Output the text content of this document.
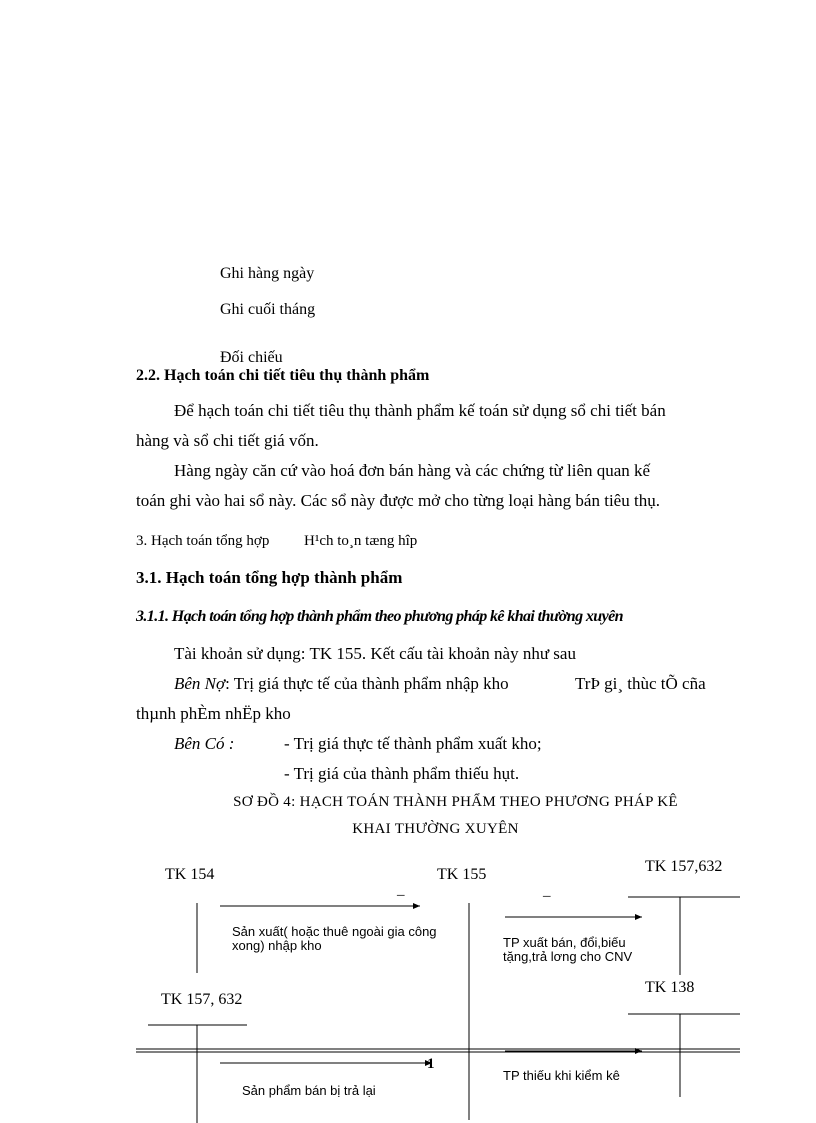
Ghi hàng ngày
Ghi cuối tháng
Đối chiếu
2.2. Hạch toán chi tiết tiêu thụ thành phẩm
Để hạch toán chi tiết tiêu thụ thành phẩm kế toán sử dụng sổ chi tiết bán
hàng và sổ chi tiết giá vốn.
Hàng ngày căn cứ vào hoá đơn bán hàng và các chứng từ liên quan kế
toán ghi vào hai sổ này. Các sổ này được mở cho từng loại hàng bán tiêu thụ.
3. Hạch toán tổng hợp H¹ch to¸n tæng hîp
3.1. Hạch toán tổng hợp thành phẩm
3.1.1. Hạch toán tổng hợp thành phẩm theo phương pháp kê khai thường xuyên
Tài khoản sử dụng: TK 155. Kết cấu tài khoản này như sau
Bên Nợ: Trị giá thực tế của thành phẩm nhập kho	TrÞ gi¸ thùc tÕ cña
thµnh phÈm nhËp kho
Bên Có :	- Trị giá thực tế thành phẩm xuất kho;
- Trị giá của thành phẩm thiếu hụt.
SƠ ĐỒ 4: HẠCH TOÁN THÀNH PHẨM THEO PHƯƠNG PHÁP KÊ
KHAI THƯỜNG XUYÊN
TK 154	TK 155	TK 157,632
TK 138
TK 157, 632
_	_
1
Sản xuất( hoặc thuê ngoài gia công xong) nhập kho	TP xuất bán, đổi,biếu tặng,trả lơng cho CNV
TP thiếu khi kiểm kê
Sản phẩm bán bị trả lại
